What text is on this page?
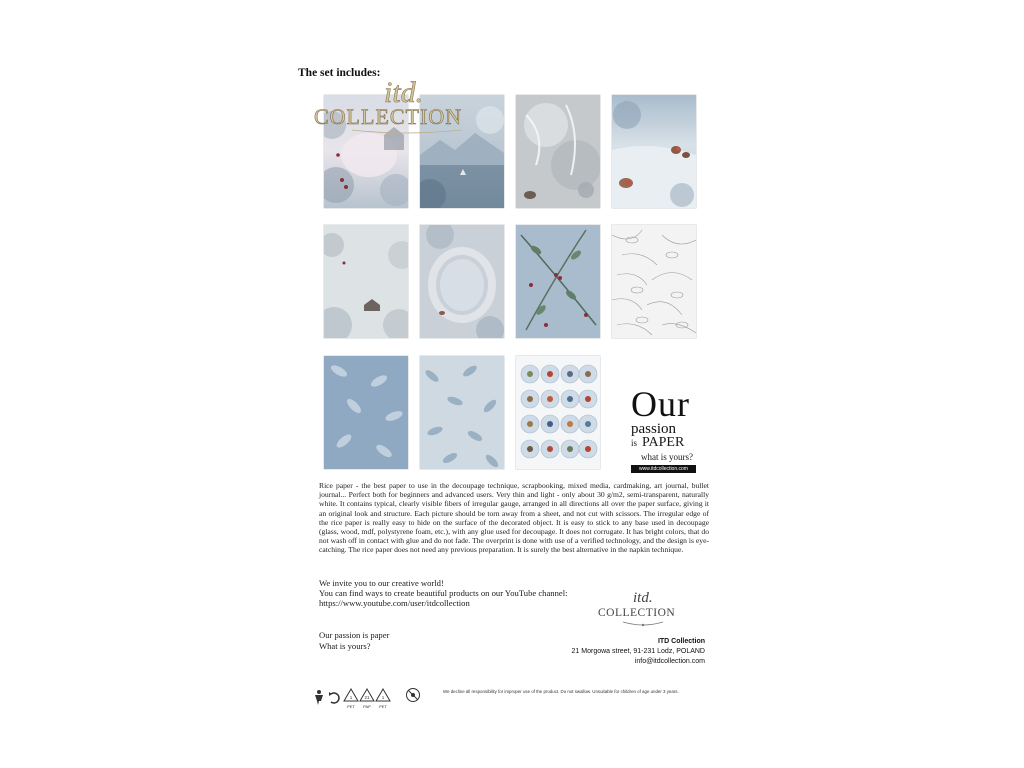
The set includes:
itd.
COLLECTION
Our
passion
is PAPER
what is yours?
www.itdcollection.com
Rice paper - the best paper to use in the decoupage technique, scrapbooking, mixed media, cardmaking, art journal, bullet journal... Perfect both for beginners and advanced users. Very thin and light - only about 30 g/m2, semi-transparent, naturally white. It contains typical, clearly visible fibers of irregular gauge, arranged in all directions all over the paper surface, giving it an original look and structure. Each picture should be torn away from a sheet, and not cut with scissors. The irregular edge of the rice paper is really easy to hide on the surface of the decorated object. It is easy to stick to any base used in decoupage (glass, wood, mdf, polystyrene foam, etc.), with any glue used for decoupage. It does not corrugate. It has bright colors, that do not wash off in contact with glue and do not fade. The overprint is done with use of a verified technology, and the design is eye-catching. The rice paper does not need any previous preparation. It is surely the best alternative in the napkin technique.
We invite you to our creative world!
You can find ways to create beautiful products on our YouTube channel:
https://www.youtube.com/user/itdcollection	itd.
COLLECTION
ITD Collection
21 Morgowa street, 91-231 Lodz, POLAND
info@itdcollection.com
Our passion is paper
What is yours?
1
PET
21
PAP
1
PET
We decline all responsibility for improper use of the product. Do not swallow. Unsuitable for children of age under 3 years.
